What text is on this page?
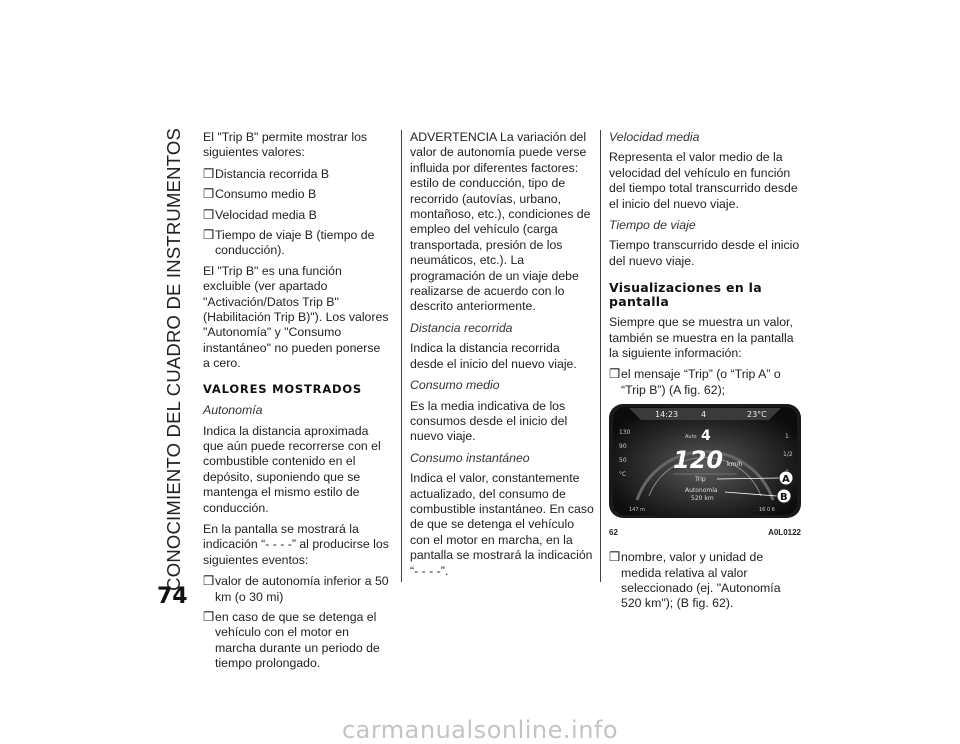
CONOCIMIENTO DEL CUADRO DE INSTRUMENTOS
74

El "Trip B" permite mostrar los siguientes valores:

❒ Distancia recorrida B
❒ Consumo medio B
❒ Velocidad media B
❒ Tiempo de viaje B (tiempo de conducción).

El "Trip B" es una función excluible (ver apartado "Activación/Datos Trip B" (Habilitación Trip B)"). Los valores "Autonomía" y "Consumo instantáneo" no pueden ponerse a cero.

VALORES MOSTRADOS
Autonomía

Indica la distancia aproximada que aún puede recorrerse con el combustible contenido en el depósito, suponiendo que se mantenga el mismo estilo de conducción.

En la pantalla se mostrará la indicación “- - - -” al producirse los siguientes eventos:

❒ valor de autonomía inferior a 50 km (o 30 mi)
❒ en caso de que se detenga el vehículo con el motor en marcha durante un periodo de tiempo prolongado.

ADVERTENCIA La variación del valor de autonomía puede verse influida por diferentes factores: estilo de conducción, tipo de recorrido (autovías, urbano, montañoso, etc.), condiciones de empleo del vehículo (carga transportada, presión de los neumáticos, etc.). La programación de un viaje debe realizarse de acuerdo con lo descrito anteriormente.

Distancia recorrida

Indica la distancia recorrida desde el inicio del nuevo viaje.

Consumo medio

Es la media indicativa de los consumos desde el inicio del nuevo viaje.

Consumo instantáneo

Indica el valor, constantemente actualizado, del consumo de combustible instantáneo. En caso de que se detenga el vehículo con el motor en marcha, en la pantalla se mostrará la indicación “- - - -”.

Velocidad media

Representa el valor medio de la velocidad del vehículo en función del tiempo total transcurrido desde el inicio del nuevo viaje.

Tiempo de viaje

Tiempo transcurrido desde el inicio del nuevo viaje.

Visualizaciones en la pantalla

Siempre que se muestra un valor, también se muestra en la pantalla la siguiente información:

❒ el mensaje “Trip” (o “Trip A” o “Trip B”) (A fig. 62);
14:23	23°C
4
130
90
50
°C
1
1/2
Auto 4
120 km/h
Trip
Autonomía
520 km
147 m	16 0 6
A
B
62	A0L0122
❒ nombre, valor y unidad de medida relativa al valor seleccionado (ej. "Autonomía 520 km"); (B fig. 62).
carmanualsonline.info
